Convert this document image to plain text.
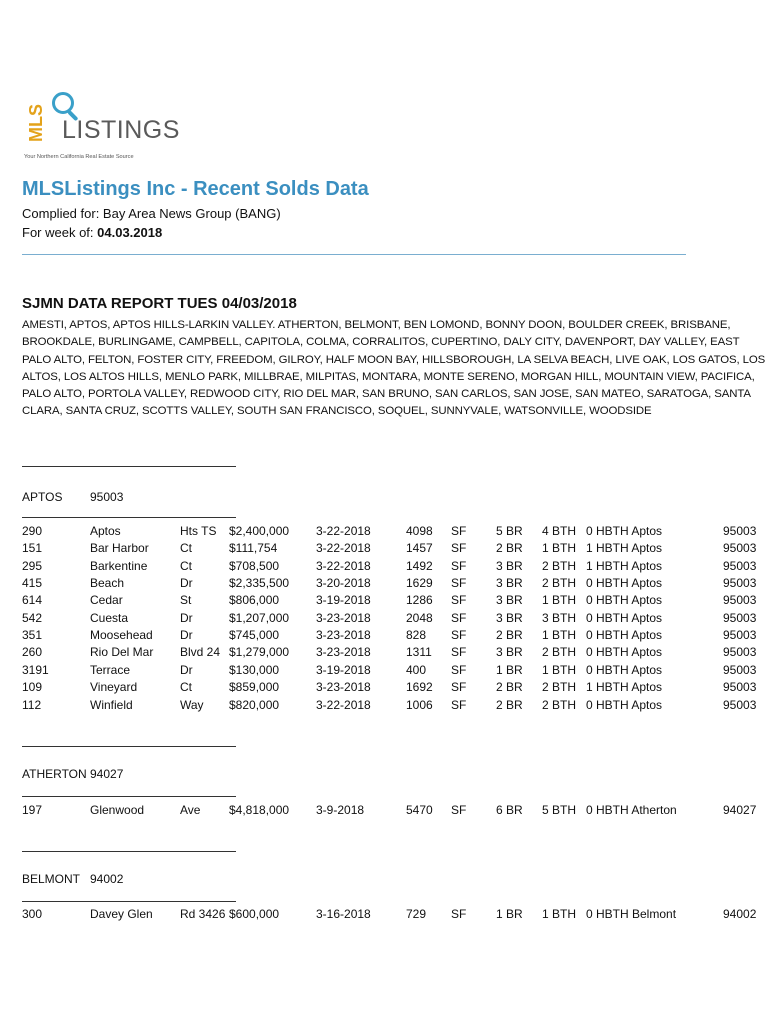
MLS LISTINGS
Your Northern California Real Estate Source
MLSListings Inc - Recent Solds Data
Complied for: Bay Area News Group (BANG)
For week of: 04.03.2018
SJMN DATA REPORT TUES 04/03/2018
AMESTI, APTOS, APTOS HILLS-LARKIN VALLEY. ATHERTON, BELMONT, BEN LOMOND, BONNY DOON, BOULDER CREEK, BRISBANE, BROOKDALE, BURLINGAME, CAMPBELL, CAPITOLA, COLMA, CORRALITOS, CUPERTINO, DALY CITY, DAVENPORT, DAY VALLEY, EAST PALO ALTO, FELTON, FOSTER CITY, FREEDOM, GILROY, HALF MOON BAY, HILLSBOROUGH, LA SELVA BEACH, LIVE OAK, LOS GATOS, LOS ALTOS, LOS ALTOS HILLS, MENLO PARK, MILLBRAE, MILPITAS, MONTARA, MONTE SERENO, MORGAN HILL, MOUNTAIN VIEW, PACIFICA, PALO ALTO, PORTOLA VALLEY, REDWOOD CITY, RIO DEL MAR, SAN BRUNO, SAN CARLOS, SAN JOSE, SAN MATEO, SARATOGA, SANTA CLARA, SANTA CRUZ, SCOTTS VALLEY, SOUTH SAN FRANCISCO, SOQUEL, SUNNYVALE, WATSONVILLE, WOODSIDE
APTOS 95003
290	Aptos	Hts TS $2,400,000 3-22-2018	4098 SF 5 BR 4 BTH 0 HBTH Aptos	95003
151	Bar Harbor	Ct	$111,754	3-22-2018	1457 SF 2 BR 1 BTH 1 HBTH Aptos	95003
295	Barkentine	Ct	$708,500	3-22-2018	1492 SF 3 BR 2 BTH 1 HBTH Aptos	95003
415	Beach	Dr	$2,335,500 3-20-2018	1629 SF 3 BR 2 BTH 0 HBTH Aptos	95003
614	Cedar	St	$806,000	3-19-2018	1286 SF 3 BR 1 BTH 0 HBTH Aptos	95003
542	Cuesta	Dr	$1,207,000 3-23-2018	2048 SF 3 BR 3 BTH 0 HBTH Aptos	95003
351	Moosehead Dr	$745,000	3-23-2018	828 SF 2 BR 1 BTH 0 HBTH Aptos	95003
260	Rio Del Mar Blvd 24 $1,279,000 3-23-2018	1311 SF 3 BR 2 BTH 0 HBTH Aptos	95003
3191	Terrace	Dr	$130,000	3-19-2018	400 SF 1 BR 1 BTH 0 HBTH Aptos	95003
109	Vineyard	Ct	$859,000	3-23-2018	1692 SF 2 BR 2 BTH 1 HBTH Aptos	95003
112	Winfield	Way $820,000	3-22-2018	1006 SF 2 BR 2 BTH 0 HBTH Aptos	95003
ATHERTON 94027
197	Glenwood	Ave $4,818,000 3-9-2018	5470 SF 6 BR 5 BTH 0 HBTH Atherton	94027
BELMONT 94002
300	Davey Glen Rd 3426 $600,000	3-16-2018	729 SF 1 BR 1 BTH 0 HBTH Belmont	94002
